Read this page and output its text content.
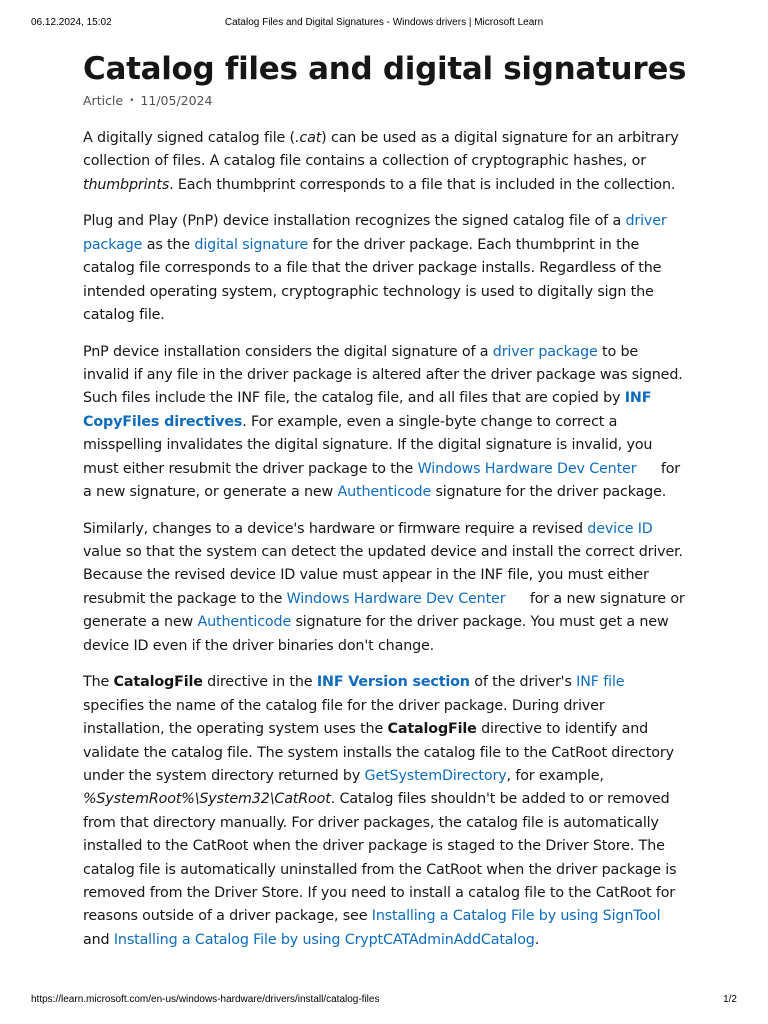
06.12.2024, 15:02	Catalog Files and Digital Signatures - Windows drivers | Microsoft Learn
Catalog files and digital signatures
Article • 11/05/2024

A digitally signed catalog file (.cat) can be used as a digital signature for an arbitrary collection of files. A catalog file contains a collection of cryptographic hashes, or thumbprints. Each thumbprint corresponds to a file that is included in the collection.

Plug and Play (PnP) device installation recognizes the signed catalog file of a driver package as the digital signature for the driver package. Each thumbprint in the catalog file corresponds to a file that the driver package installs. Regardless of the intended operating system, cryptographic technology is used to digitally sign the catalog file.

PnP device installation considers the digital signature of a driver package to be invalid if any file in the driver package is altered after the driver package was signed. Such files include the INF file, the catalog file, and all files that are copied by INF CopyFiles directives. For example, even a single-byte change to correct a misspelling invalidates the digital signature. If the digital signature is invalid, you must either resubmit the driver package to the Windows Hardware Dev Center for a new signature, or generate a new Authenticode signature for the driver package.

Similarly, changes to a device's hardware or firmware require a revised device ID value so that the system can detect the updated device and install the correct driver. Because the revised device ID value must appear in the INF file, you must either resubmit the package to the Windows Hardware Dev Center for a new signature or generate a new Authenticode signature for the driver package. You must get a new device ID even if the driver binaries don't change.

The CatalogFile directive in the INF Version section of the driver's INF file specifies the name of the catalog file for the driver package. During driver installation, the operating system uses the CatalogFile directive to identify and validate the catalog file. The system installs the catalog file to the CatRoot directory under the system directory returned by GetSystemDirectory, for example, %SystemRoot%\System32\CatRoot. Catalog files shouldn't be added to or removed from that directory manually. For driver packages, the catalog file is automatically installed to the CatRoot when the driver package is staged to the Driver Store. The catalog file is automatically uninstalled from the CatRoot when the driver package is removed from the Driver Store. If you need to install a catalog file to the CatRoot for reasons outside of a driver package, see Installing a Catalog File by using SignTool and Installing a Catalog File by using CryptCATAdminAddCatalog.

https://learn.microsoft.com/en-us/windows-hardware/drivers/install/catalog-files	1/2
